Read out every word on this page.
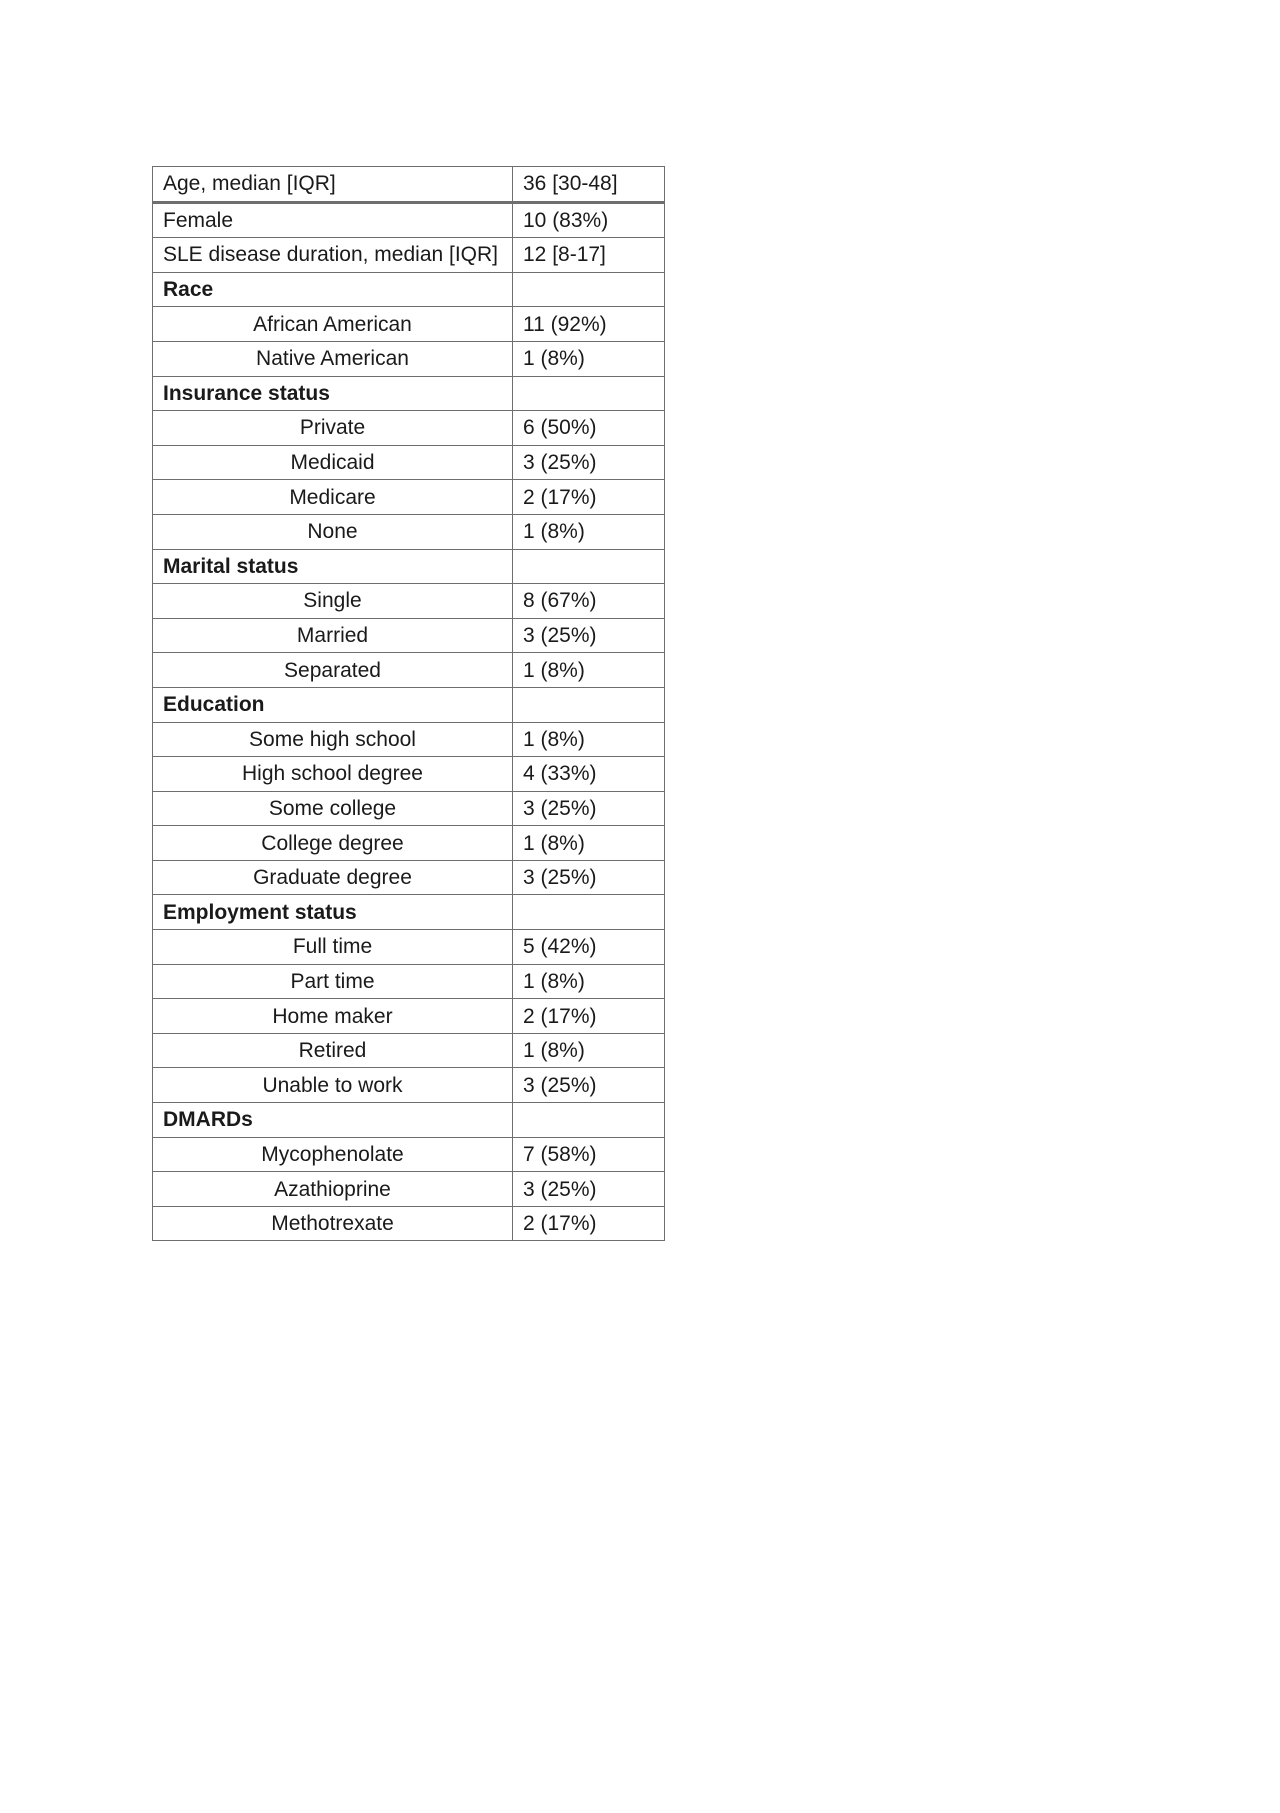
Age, median [IQR]	36 [30-48]
Female	10 (83%)
SLE disease duration, median [IQR]	12 [8-17]
Race	
African American	11 (92%)
Native American	1 (8%)
Insurance status	
Private	6 (50%)
Medicaid	3 (25%)
Medicare	2 (17%)
None	1 (8%)
Marital status	
Single	8 (67%)
Married	3 (25%)
Separated	1 (8%)
Education	
Some high school	1 (8%)
High school degree	4 (33%)
Some college	3 (25%)
College degree	1 (8%)
Graduate degree	3 (25%)
Employment status	
Full time	5 (42%)
Part time	1 (8%)
Home maker	2 (17%)
Retired	1 (8%)
Unable to work	3 (25%)
DMARDs	
Mycophenolate	7 (58%)
Azathioprine	3 (25%)
Methotrexate	2 (17%)
